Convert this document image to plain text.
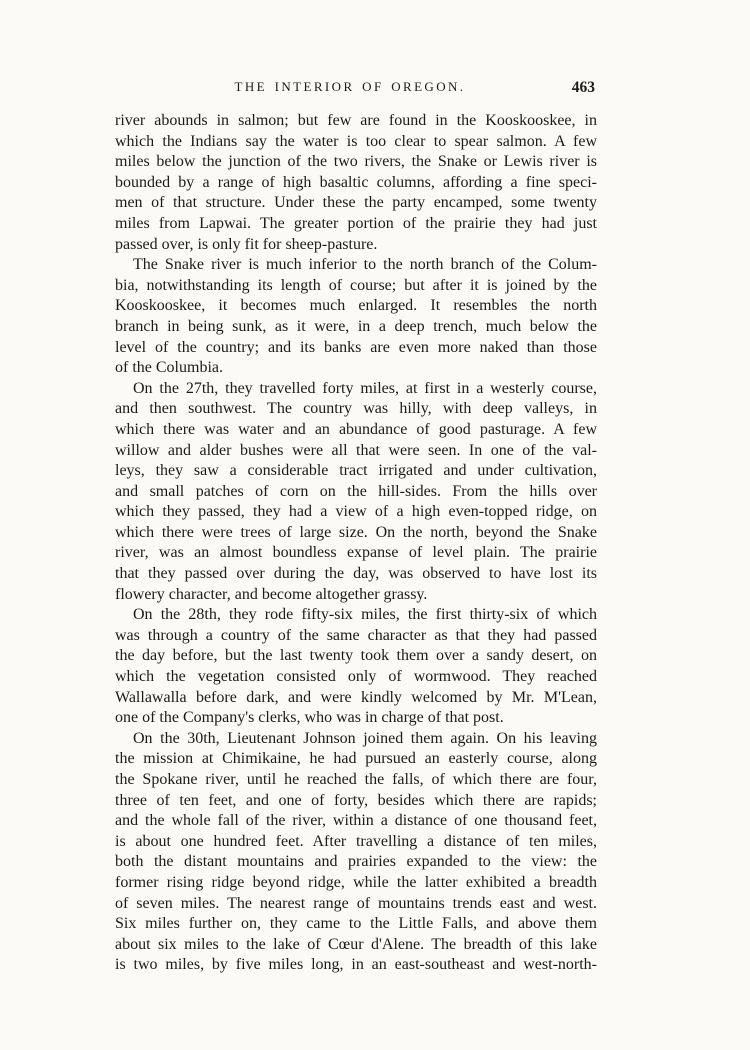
THE INTERIOR OF OREGON.	463

river abounds in salmon; but few are found in the Kooskooskee, in
which the Indians say the water is too clear to spear salmon. A few
miles below the junction of the two rivers, the Snake or Lewis river is
bounded by a range of high basaltic columns, affording a fine speci-
men of that structure. Under these the party encamped, some twenty
miles from Lapwai. The greater portion of the prairie they had just
passed over, is only fit for sheep-pasture.

The Snake river is much inferior to the north branch of the Colum-
bia, notwithstanding its length of course; but after it is joined by the
Kooskooskee, it becomes much enlarged. It resembles the north
branch in being sunk, as it were, in a deep trench, much below the
level of the country; and its banks are even more naked than those
of the Columbia.

On the 27th, they travelled forty miles, at first in a westerly course,
and then southwest. The country was hilly, with deep valleys, in
which there was water and an abundance of good pasturage. A few
willow and alder bushes were all that were seen. In one of the val-
leys, they saw a considerable tract irrigated and under cultivation,
and small patches of corn on the hill-sides. From the hills over
which they passed, they had a view of a high even-topped ridge, on
which there were trees of large size. On the north, beyond the Snake
river, was an almost boundless expanse of level plain. The prairie
that they passed over during the day, was observed to have lost its
flowery character, and become altogether grassy.

On the 28th, they rode fifty-six miles, the first thirty-six of which
was through a country of the same character as that they had passed
the day before, but the last twenty took them over a sandy desert, on
which the vegetation consisted only of wormwood. They reached
Wallawalla before dark, and were kindly welcomed by Mr. M'Lean,
one of the Company's clerks, who was in charge of that post.

On the 30th, Lieutenant Johnson joined them again. On his leaving
the mission at Chimikaine, he had pursued an easterly course, along
the Spokane river, until he reached the falls, of which there are four,
three of ten feet, and one of forty, besides which there are rapids;
and the whole fall of the river, within a distance of one thousand feet,
is about one hundred feet. After travelling a distance of ten miles,
both the distant mountains and prairies expanded to the view: the
former rising ridge beyond ridge, while the latter exhibited a breadth
of seven miles. The nearest range of mountains trends east and west.
Six miles further on, they came to the Little Falls, and above them
about six miles to the lake of Cœur d'Alene. The breadth of this lake
is two miles, by five miles long, in an east-southeast and west-north-
